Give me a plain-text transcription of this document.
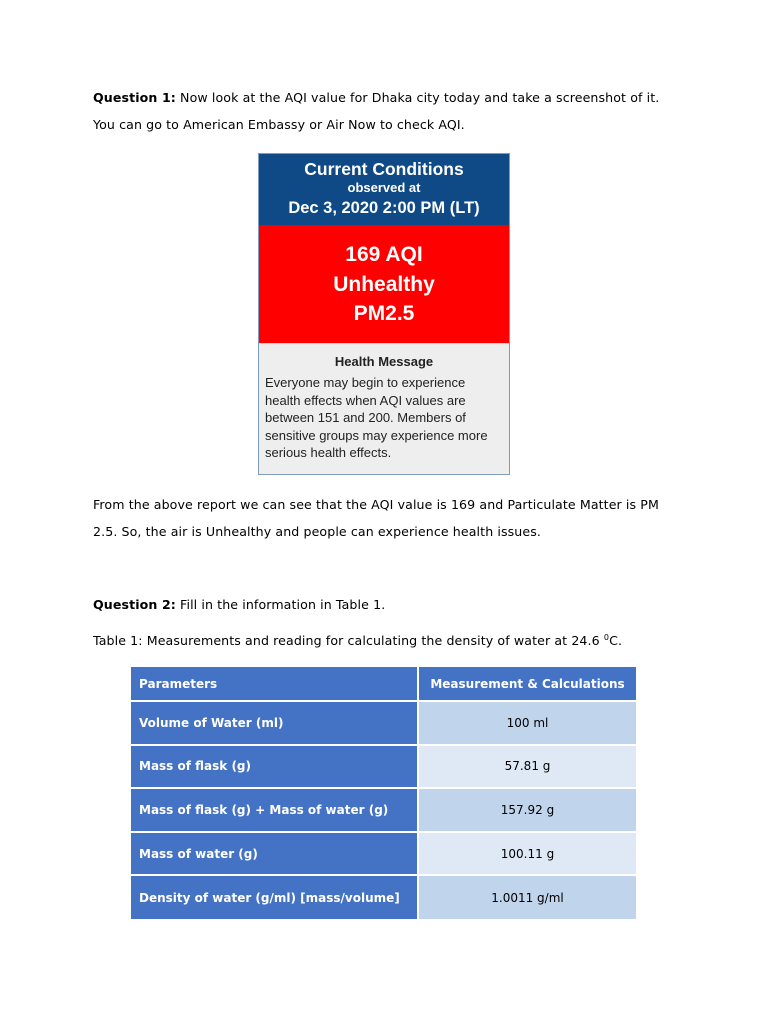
Question 1: Now look at the AQI value for Dhaka city today and take a screenshot of it. You can go to American Embassy or Air Now to check AQI.
Current Conditions
observed at
Dec 3, 2020 2:00 PM (LT)
169 AQI
Unhealthy
PM2.5
Health Message
Everyone may begin to experience health effects when AQI values are between 151 and 200. Members of sensitive groups may experience more serious health effects.
From the above report we can see that the AQI value is 169 and Particulate Matter is PM 2.5. So, the air is Unhealthy and people can experience health issues.
Question 2: Fill in the information in Table 1.
Table 1: Measurements and reading for calculating the density of water at 24.6 $^0$C.
Parameters	Measurement & Calculations
Volume of Water (ml)	100 ml
Mass of flask (g)	57.81 g
Mass of flask (g) + Mass of water (g)	157.92 g
Mass of water (g)	100.11 g
Density of water (g/ml) [mass/volume]	1.0011 g/ml
